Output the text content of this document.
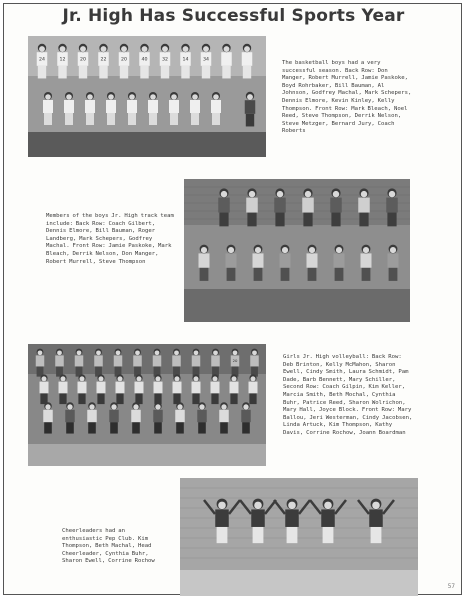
Jr. High Has Successful Sports Year
24	12	20	22	20	40	32	14	34	The basketball boys had a very successful season. Back Row: Don Manger, Robert Murrell, Jamie Paskoke, Boyd Rohrbaker, Bill Bauman, Al Johnson, Godfrey Machal, Mark Schepers, Dennis Elmore, Kevin Kinley, Kelly Thompson. Front Row: Mark Bleach, Noel Reed, Steve Thompson, Derrik Nelson, Steve Metzger, Bernard Jury, Coach Roberts
Members of the boys Jr. High track team include: Back Row: Coach Gilbert, Dennis Elmore, Bill Bauman, Roger Landberg, Mark Schepers, Godfrey Machal. Front Row: Jamie Paskoke, Mark Bleach, Derrik Nelson, Don Manger, Robert Murrell, Steve Thompson
20
Girls Jr. High volleyball: Back Row: Deb Brinton, Kelly McMahon, Sharon Ewell, Cindy Smith, Laura Schmidt, Pam Dade, Barb Bennett, Mary Schiller, Second Row: Coach Gilpin, Kim Keller, Marcia Smith, Beth Mochal, Cynthia Buhr, Patrice Reed, Sharon Wolrichon, Mary Hall, Joyce Block. Front Row: Mary Ballou, Jeri Westerman, Cindy Jacobsen, Linda Artuck, Kim Thompson, Kathy Davis, Corrine Rochow, Joann Boardman
Cheerleaders had an enthusiastic Pep Club. Kim Thompson, Beth Machal, Head Cheerleader, Cynthia Buhr, Sharon Ewell, Corrine Rochow
57
